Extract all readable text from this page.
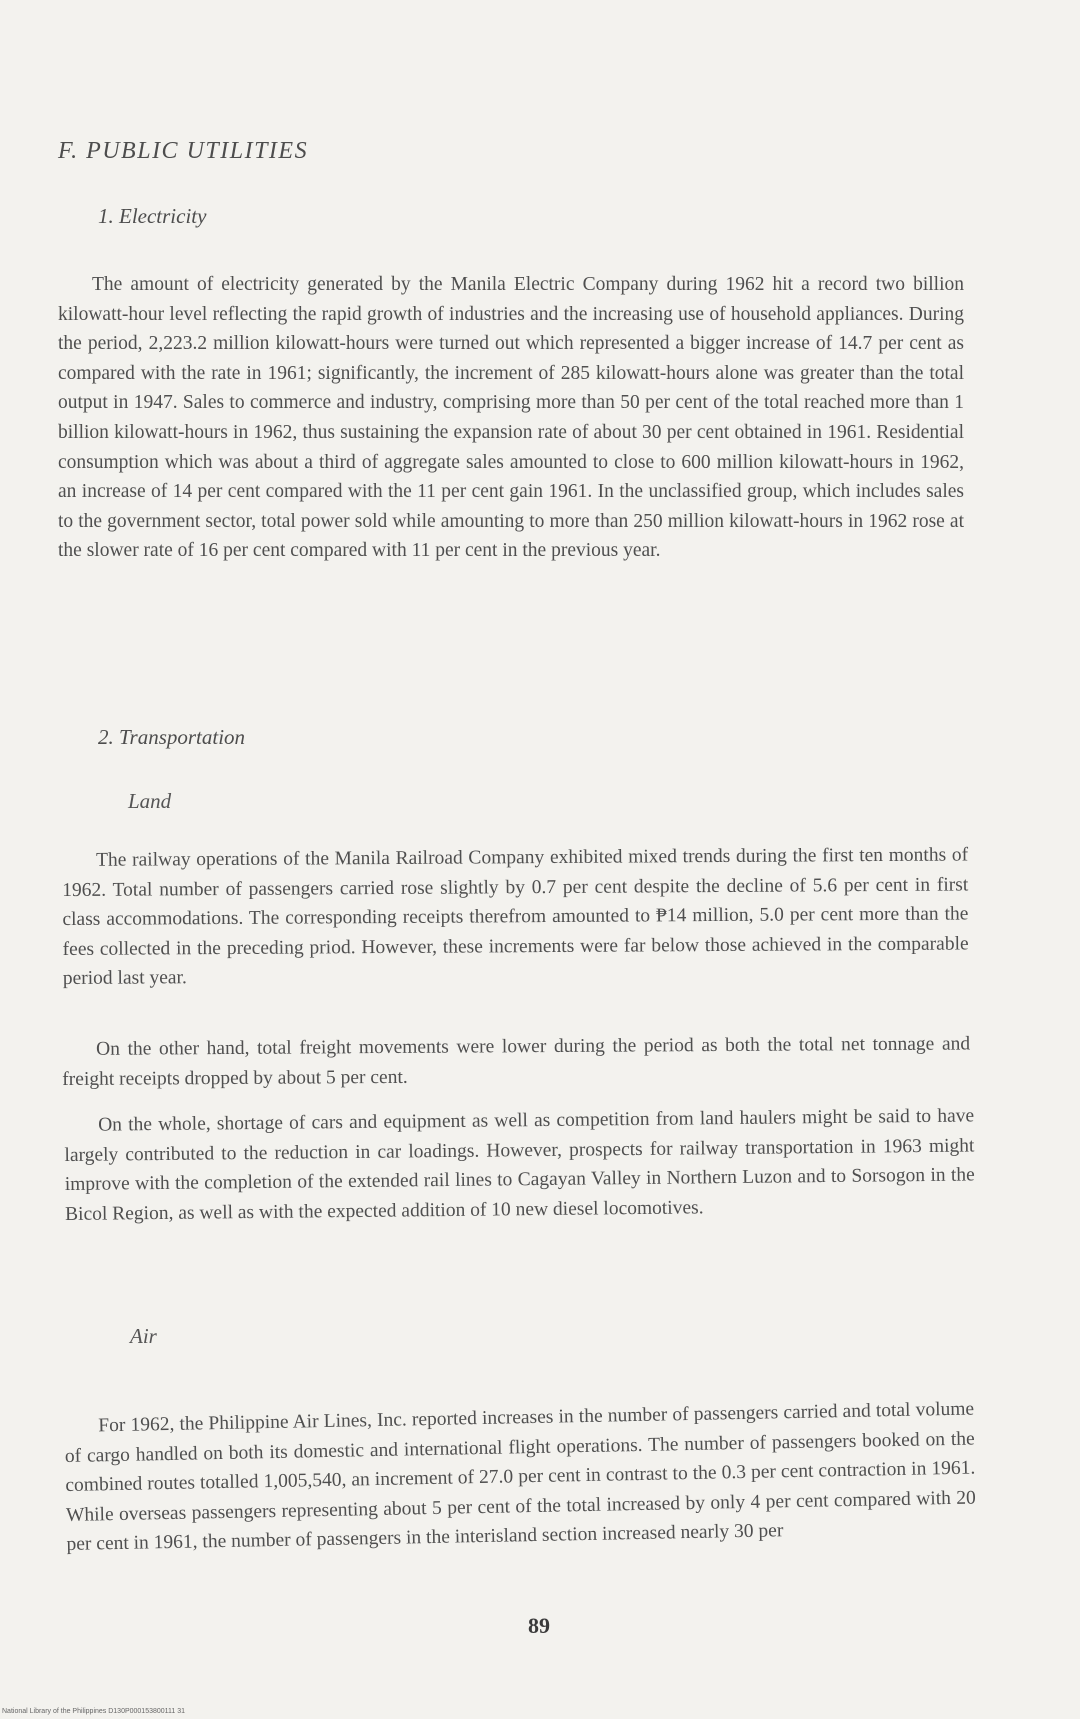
F. PUBLIC UTILITIES
1. Electricity

The amount of electricity generated by the Manila Electric Company during 1962 hit a record two billion kilowatt-hour level reflecting the rapid growth of industries and the increasing use of household appliances. During the period, 2,223.2 million kilowatt-hours were turned out which represented a bigger increase of 14.7 per cent as compared with the rate in 1961; significantly, the increment of 285 kilowatt-hours alone was greater than the total output in 1947. Sales to commerce and industry, comprising more than 50 per cent of the total reached more than 1 billion kilowatt-hours in 1962, thus sustaining the expansion rate of about 30 per cent obtained in 1961. Residential consumption which was about a third of aggregate sales amounted to close to 600 million kilowatt-hours in 1962, an increase of 14 per cent compared with the 11 per cent gain 1961. In the unclassified group, which includes sales to the government sector, total power sold while amounting to more than 250 million kilowatt-hours in 1962 rose at the slower rate of 16 per cent compared with 11 per cent in the previous year.

2. Transportation
Land

The railway operations of the Manila Railroad Company exhibited mixed trends during the first ten months of 1962. Total number of passengers carried rose slightly by 0.7 per cent despite the decline of 5.6 per cent in first class accommodations. The corresponding receipts therefrom amounted to ₱14 million, 5.0 per cent more than the fees collected in the preceding priod. However, these increments were far below those achieved in the comparable period last year.

On the other hand, total freight movements were lower during the period as both the total net tonnage and freight receipts dropped by about 5 per cent.

On the whole, shortage of cars and equipment as well as competition from land haulers might be said to have largely contributed to the reduction in car loadings. However, prospects for railway transportation in 1963 might improve with the completion of the extended rail lines to Cagayan Valley in Northern Luzon and to Sorsogon in the Bicol Region, as well as with the expected addition of 10 new diesel locomotives.

Air

For 1962, the Philippine Air Lines, Inc. reported increases in the number of passengers carried and total volume of cargo handled on both its domestic and international flight operations. The number of passengers booked on the combined routes totalled 1,005,540, an increment of 27.0 per cent in contrast to the 0.3 per cent contraction in 1961. While overseas passengers representing about 5 per cent of the total increased by only 4 per cent compared with 20 per cent in 1961, the number of passengers in the interisland section increased nearly 30 per

89
National Library of the Philippines D130P000153800111 31
